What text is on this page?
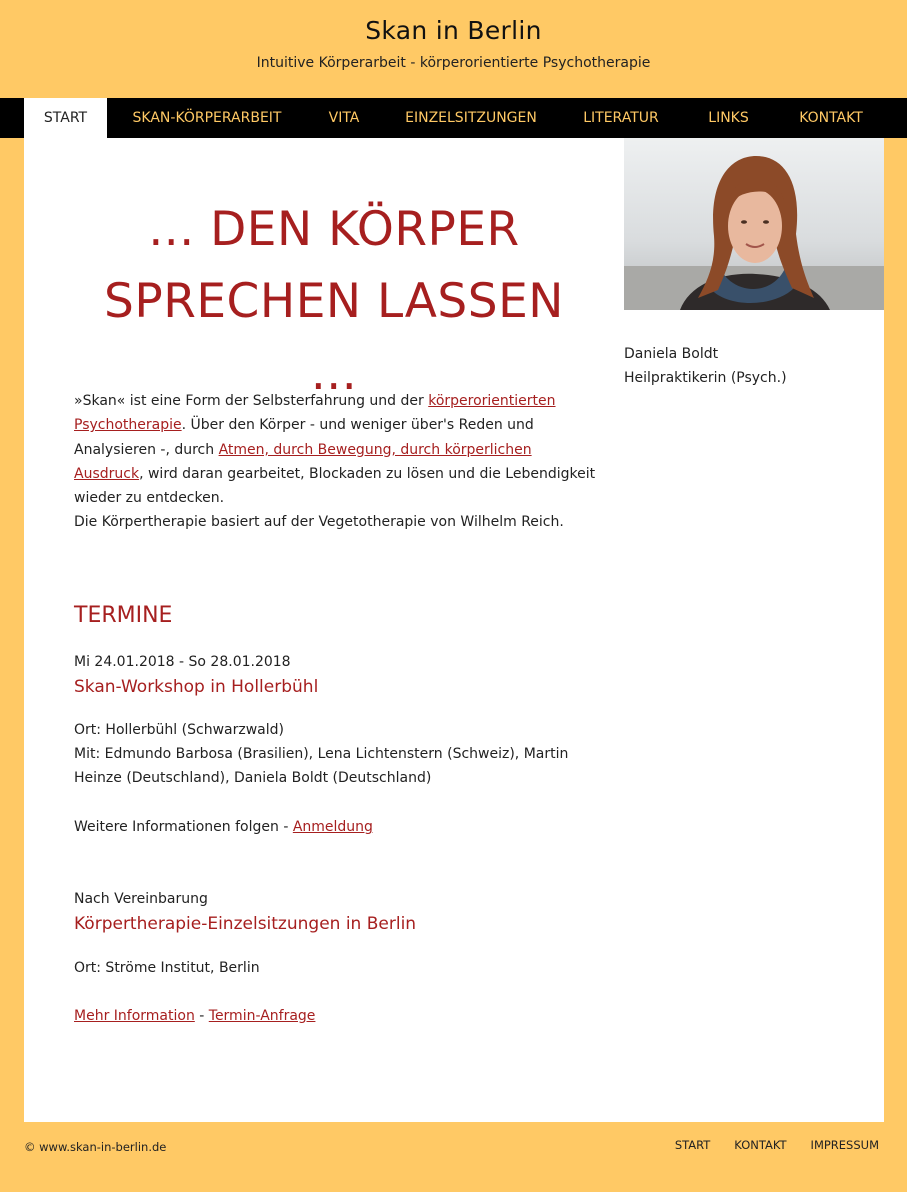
Skan in Berlin
Intuitive Körperarbeit - körperorientierte Psychotherapie
START	SKAN-KÖRPERARBEIT	VITA	EINZELSITZUNGEN	LITERATUR	LINKS	KONTAKT
Daniela Boldt
Heilpraktikerin (Psych.)
... DEN KÖRPER
SPRECHEN LASSEN ...
»Skan« ist eine Form der Selbsterfahrung und der körperorientierten Psychotherapie. Über den Körper - und weniger über's Reden und Analysieren -, durch Atmen, durch Bewegung, durch körperlichen Ausdruck, wird daran gearbeitet, Blockaden zu lösen und die Lebendigkeit wieder zu entdecken.
Die Körpertherapie basiert auf der Vegetotherapie von Wilhelm Reich.
TERMINE
Mi 24.01.2018 - So 28.01.2018
Skan-Workshop in Hollerbühl
Ort: Hollerbühl (Schwarzwald)
Mit: Edmundo Barbosa (Brasilien), Lena Lichtenstern (Schweiz), Martin Heinze (Deutschland), Daniela Boldt (Deutschland)
Weitere Informationen folgen - Anmeldung
Nach Vereinbarung
Körpertherapie-Einzelsitzungen in Berlin
Ort: Ströme Institut, Berlin
Mehr Information - Termin-Anfrage
© www.skan-in-berlin.de	START KONTAKT IMPRESSUM
